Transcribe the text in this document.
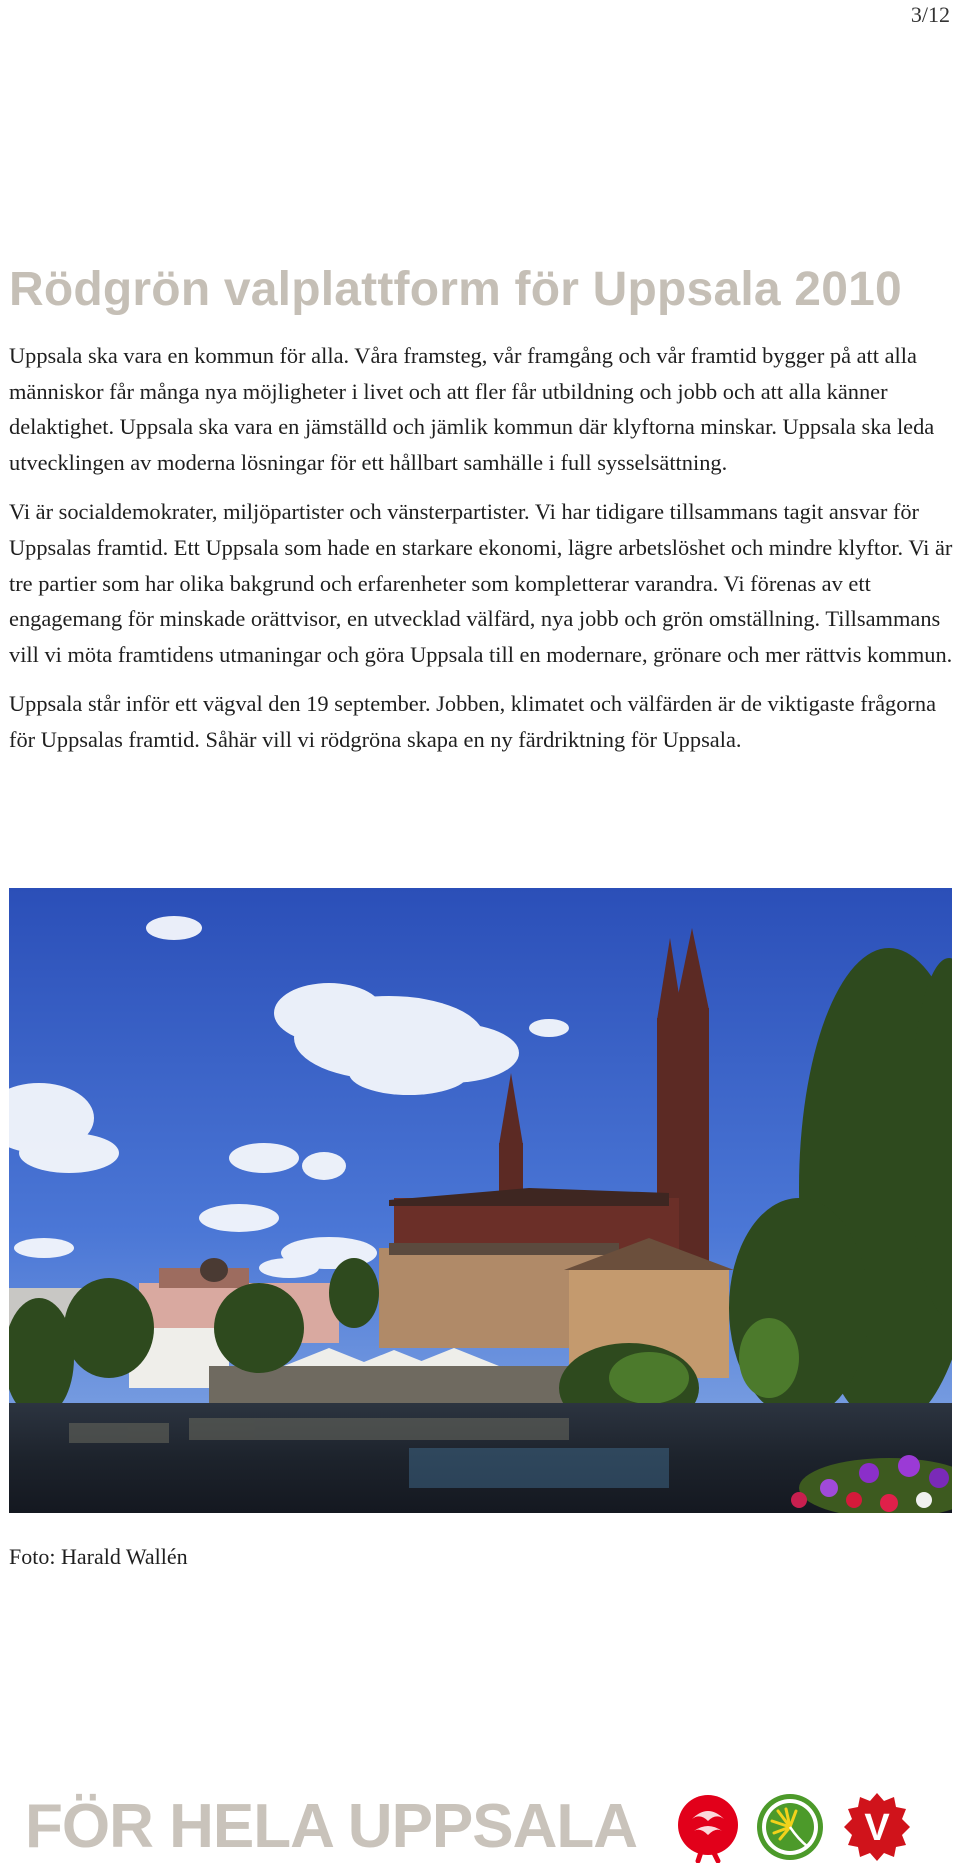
3/12
Rödgrön valplattform för Uppsala 2010

Uppsala ska vara en kommun för alla. Våra framsteg, vår framgång och vår framtid bygger på att alla människor får många nya möjligheter i livet och att fler får utbildning och jobb och att alla känner delaktighet. Uppsala ska vara en jämställd och jämlik kommun där klyftorna minskar. Uppsala ska leda utvecklingen av moderna lösningar för ett hållbart samhälle i full sysselsättning.

Vi är socialdemokrater, miljöpartister och vänsterpartister. Vi har tidigare tillsammans tagit ansvar för Uppsalas framtid. Ett Uppsala som hade en starkare ekonomi, lägre arbetslöshet och mindre klyftor. Vi är tre partier som har olika bakgrund och erfarenheter som kompletterar varandra. Vi förenas av ett engagemang för minskade orättvisor, en utvecklad välfärd, nya jobb och grön omställning. Tillsammans vill vi möta framtidens utmaningar och göra Uppsala till en modernare, grönare och mer rättvis kommun.

Uppsala står inför ett vägval den 19 september. Jobben, klimatet och välfärden är de viktigaste frågorna för Uppsalas framtid. Såhär vill vi rödgröna skapa en ny färdriktning för Uppsala.

Foto: Harald Wallén

FÖR HELA UPPSALA	V
